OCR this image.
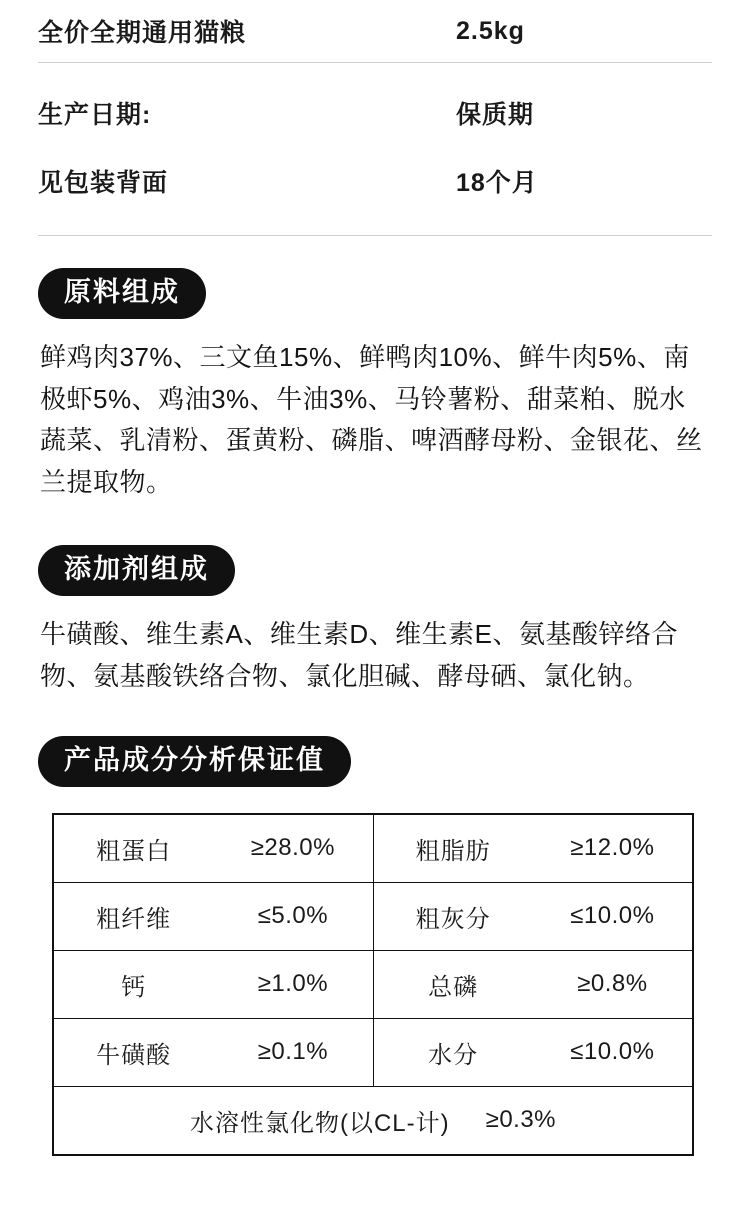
全价全期通用猫粮	2.5kg
生产日期:	保质期
见包装背面	18个月
原料组成
鲜鸡肉37%、三文鱼15%、鲜鸭肉10%、鲜牛肉5%、南极虾5%、鸡油3%、牛油3%、马铃薯粉、甜菜粕、脱水蔬菜、乳清粉、蛋黄粉、磷脂、啤酒酵母粉、金银花、丝兰提取物。
添加剂组成
牛磺酸、维生素A、维生素D、维生素E、氨基酸锌络合物、氨基酸铁络合物、氯化胆碱、酵母硒、氯化钠。
产品成分分析保证值
粗蛋白	≥28.0%	粗脂肪	≥12.0%
粗纤维	≤5.0%	粗灰分	≤10.0%
钙	≥1.0%	总磷	≥0.8%
牛磺酸	≥0.1%	水分	≤10.0%
水溶性氯化物(以CL-计) ≥0.3%
